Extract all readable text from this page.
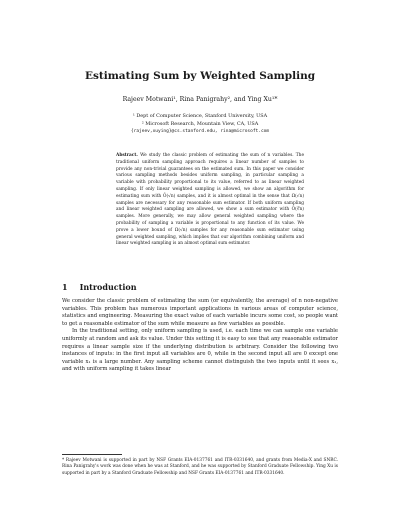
Estimating Sum by Weighted Sampling
Rajeev Motwani¹, Rina Panigrahy², and Ying Xu¹*
¹ Dept of Computer Science, Stanford University, USA
² Microsoft Research, Mountain View, CA, USA
{rajeev,xuying}@cs.stanford.edu, rina@microsoft.com
Abstract. We study the classic problem of estimating the sum of n variables. The traditional uniform sampling approach requires a linear number of samples to provide any non-trivial guarantees on the estimated sum. In this paper we consider various sampling methods besides uniform sampling, in particular sampling a variable with probability proportional to its value, referred to as linear weighted sampling. If only linear weighted sampling is allowed, we show an algorithm for estimating sum with Õ(√n) samples, and it is almost optimal in the sense that Ω(√n) samples are necessary for any reasonable sum estimator. If both uniform sampling and linear weighted sampling are allowed, we show a sum estimator with Õ(∛n) samples. More generally, we may allow general weighted sampling where the probability of sampling a variable is proportional to any function of its value. We prove a lower bound of Ω(√n) samples for any reasonable sum estimator using general weighted sampling, which implies that our algorithm combining uniform and linear weighted sampling is an almost optimal sum estimator.
1 Introduction

We consider the classic problem of estimating the sum (or equivalently, the average) of n non-negative variables. This problem has numerous important applications in various areas of computer science, statistics and engineering. Measuring the exact value of each variable incurs some cost, so people want to get a reasonable estimator of the sum while measure as few variables as possible.

In the traditional setting, only uniform sampling is used, i.e. each time we can sample one variable uniformly at random and ask its value. Under this setting it is easy to see that any reasonable estimator requires a linear sample size if the underlying distribution is arbitrary. Consider the following two instances of inputs: in the first input all variables are 0, while in the second input all are 0 except one variable x₁ is a large number. Any sampling scheme cannot distinguish the two inputs until it sees x₁, and with uniform sampling it takes linear

* Rajeev Motwani is supported in part by NSF Grants EIA-0137761 and ITR-0331640, and grants from Media-X and SNRC. Rina Panigrahy's work was done when he was at Stanford, and he was supported by Stanford Graduate Fellowship. Ying Xu is supported in part by a Stanford Graduate Fellowship and NSF Grants EIA-0137761 and ITR-0331640.
